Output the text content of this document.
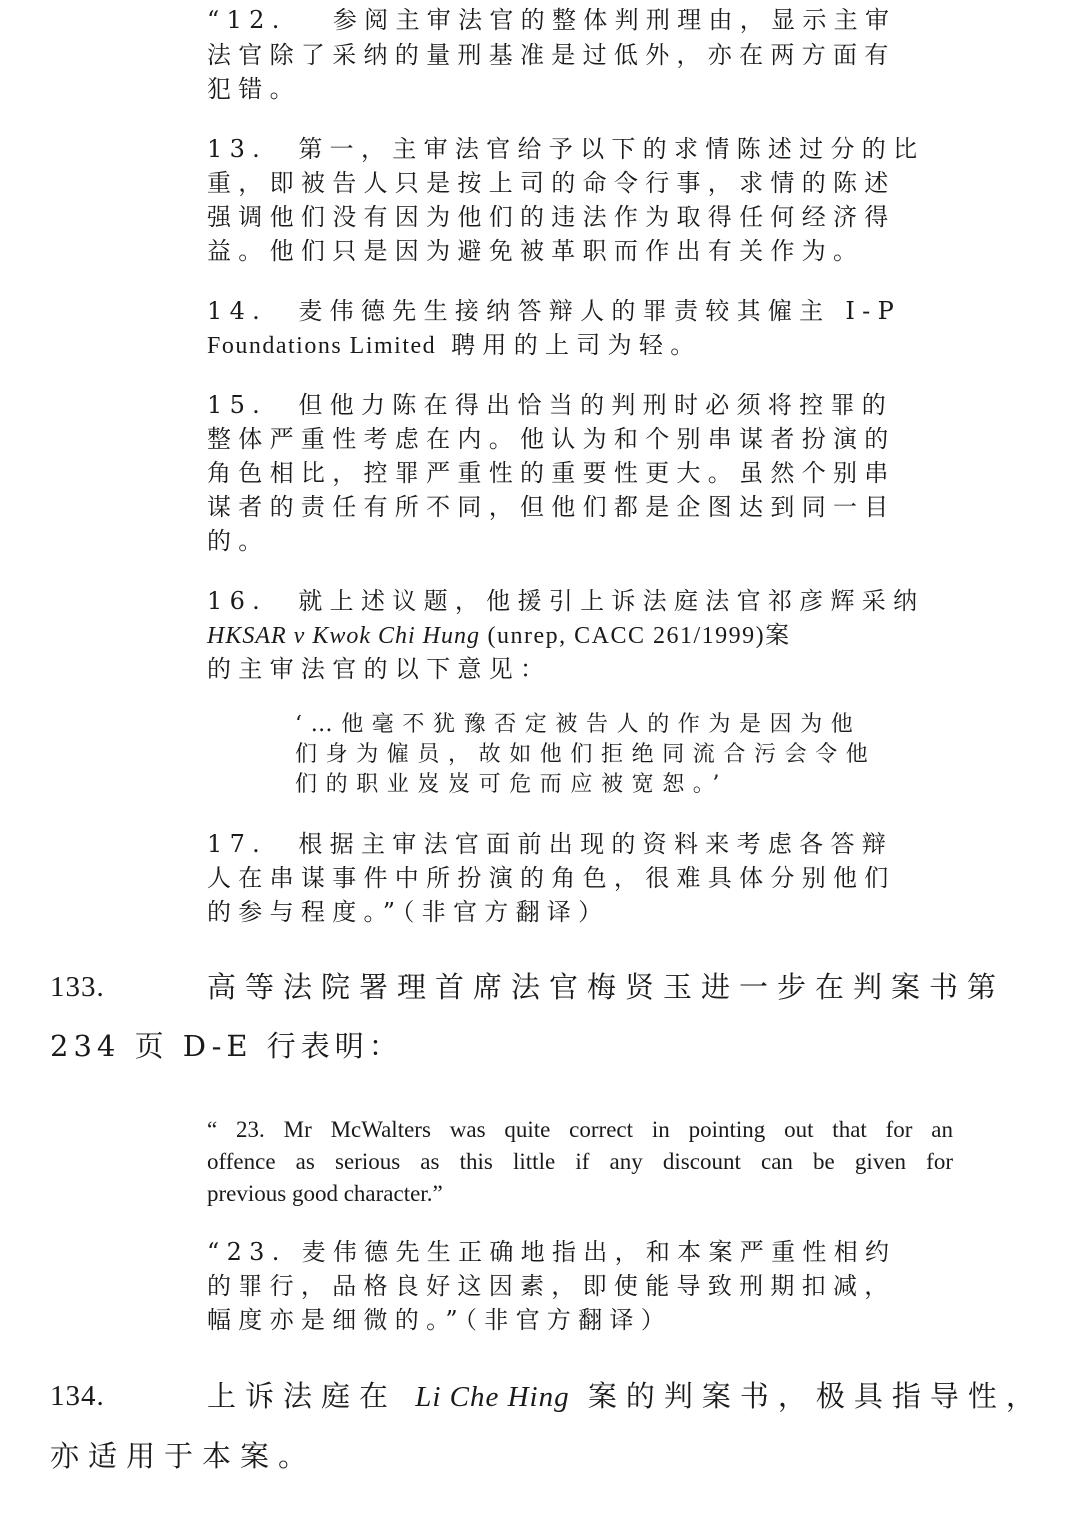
“12.　 参阅主审法官的整体判刑理由，显示主审
法官除了采纳的量刑基准是过低外，亦在两方面有
犯错。
13.　第一，主审法官给予以下的求情陈述过分的比
重，即被告人只是按上司的命令行事，求情的陈述
强调他们没有因为他们的违法作为取得任何经济得
益。他们只是因为避免被革职而作出有关作为。
14.　麦伟德先生接纳答辩人的罪责较其僱主 I-P
Foundations Limited 聘用的上司为轻。
15.　但他力陈在得出恰当的判刑时必须将控罪的
整体严重性考虑在内。他认为和个别串谋者扮演的
角色相比，控罪严重性的重要性更大。虽然个别串
谋者的责任有所不同，但他们都是企图达到同一目
的。
16.　就上述议题，他援引上诉法庭法官祁彦辉采纳
HKSAR v Kwok Chi Hung (unrep, CACC 261/1999)案
的主审法官的以下意见：
‘…他毫不犹豫否定被告人的作为是因为他
们身为僱员，故如他们拒绝同流合污会令他
们的职业岌岌可危而应被宽恕。’
17.　根据主审法官面前出现的资料来考虑各答辩
人在串谋事件中所扮演的角色，很难具体分别他们
的参与程度。”（非官方翻译）
133.	高等法院署理首席法官梅贤玉进一步在判案书第
234 页 D-E 行表明：
“ 23. Mr McWalters was quite correct in pointing out that for an
offence as serious as this little if any discount can be given for
previous good character.”
“23. 麦伟德先生正确地指出，和本案严重性相约
的罪行，品格良好这因素，即使能导致刑期扣减，
幅度亦是细微的。”（非官方翻译）
134.	上诉法庭在 Li Che Hing 案的判案书，极具指导性，
亦适用于本案。
